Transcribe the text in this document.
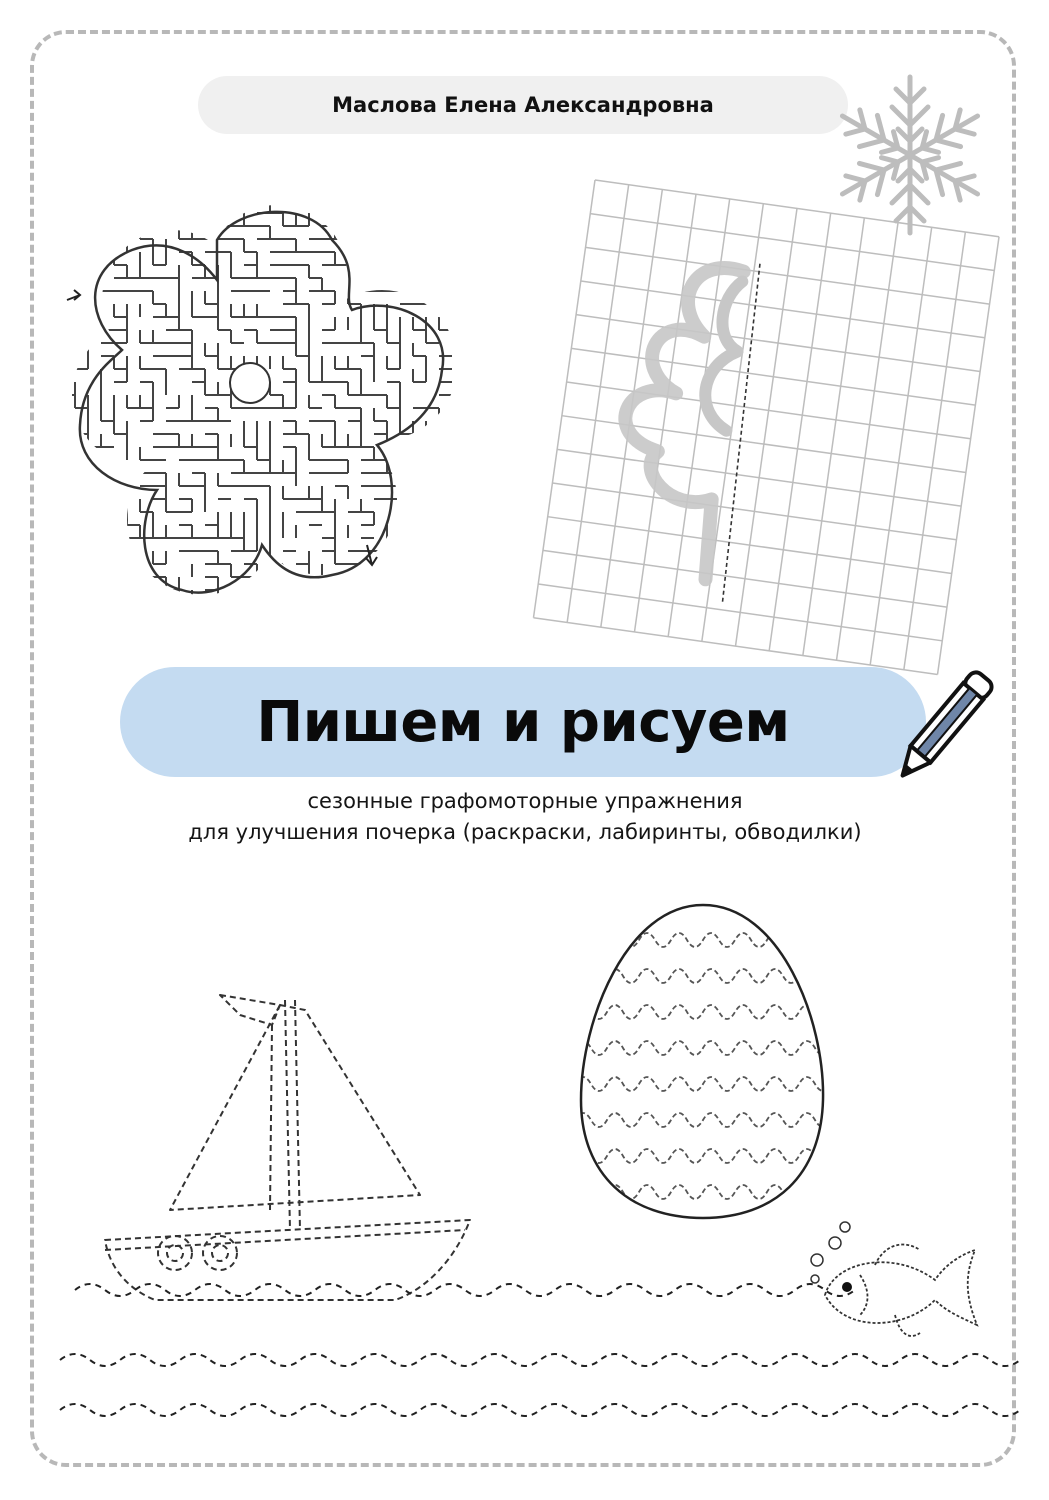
Маслова Елена Александровна
Пишем и рисуем
сезонные графомоторные упражнения
для улучшения почерка (раскраски, лабиринты, обводилки)
